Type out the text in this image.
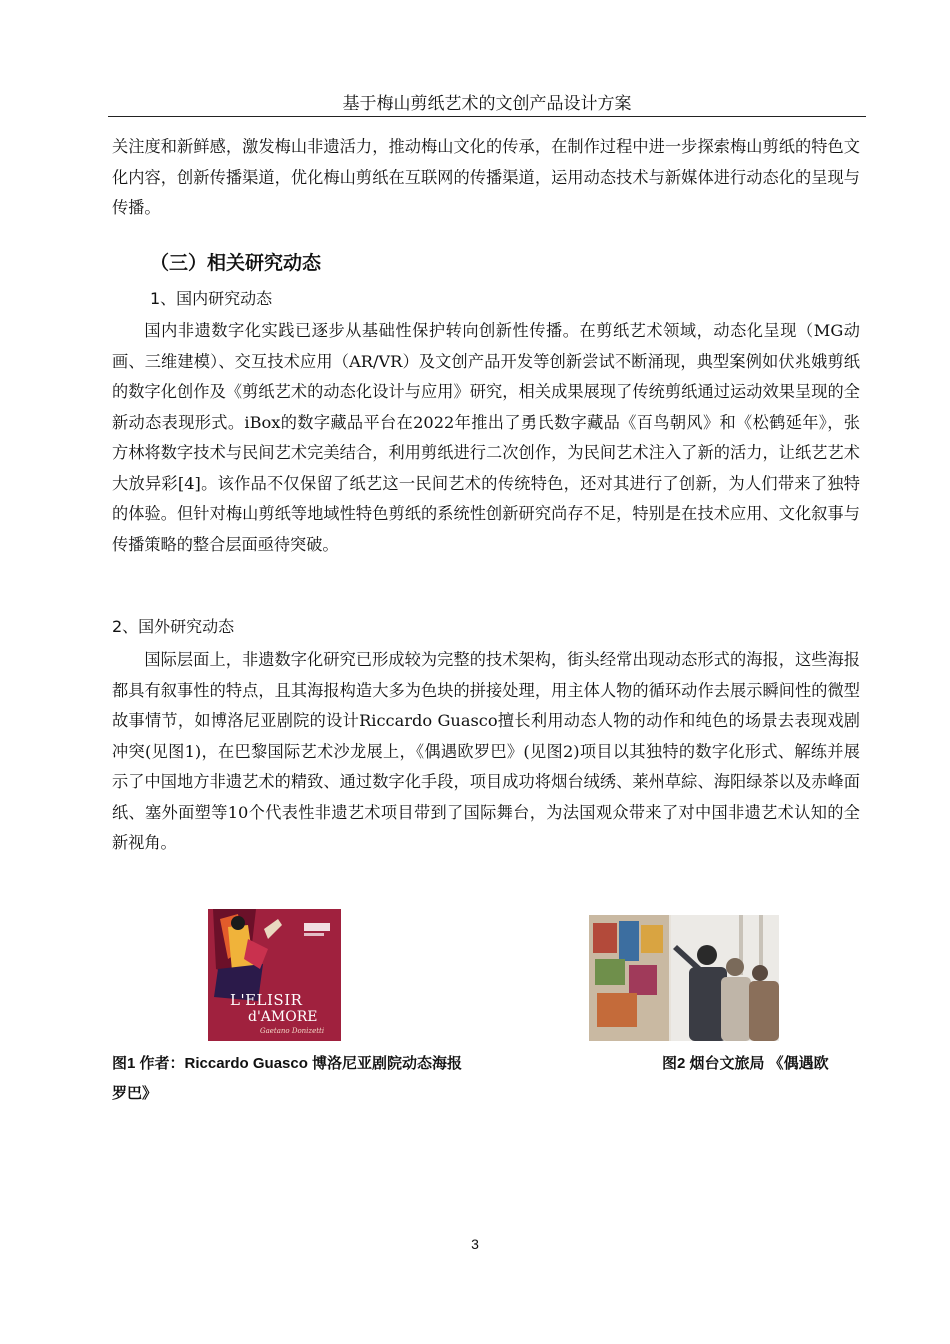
基于梅山剪纸艺术的文创产品设计方案

关注度和新鲜感，激发梅山非遗活力，推动梅山文化的传承，在制作过程中进一步探索梅山剪纸的特色文化内容，创新传播渠道，优化梅山剪纸在互联网的传播渠道，运用动态技术与新媒体进行动态化的呈现与传播。

（三）相关研究动态
1、国内研究动态

国内非遗数字化实践已逐步从基础性保护转向创新性传播。在剪纸艺术领域，动态化呈现（MG动画、三维建模）、交互技术应用（AR/VR）及文创产品开发等创新尝试不断涌现，典型案例如伏兆娥剪纸的数字化创作及《剪纸艺术的动态化设计与应用》研究，相关成果展现了传统剪纸通过运动效果呈现的全新动态表现形式。iBox的数字藏品平台在2022年推出了勇氏数字藏品《百鸟朝风》和《松鹤延年》，张方林将数字技术与民间艺术完美结合，利用剪纸进行二次创作，为民间艺术注入了新的活力，让纸艺艺术大放异彩[4]。该作品不仅保留了纸艺这一民间艺术的传统特色，还对其进行了创新，为人们带来了独特的体验。但针对梅山剪纸等地域性特色剪纸的系统性创新研究尚存不足，特别是在技术应用、文化叙事与传播策略的整合层面亟待突破。

2、国外研究动态

国际层面上，非遗数字化研究已形成较为完整的技术架构，街头经常出现动态形式的海报，这些海报都具有叙事性的特点，且其海报构造大多为色块的拼接处理，用主体人物的循环动作去展示瞬间性的微型故事情节，如博洛尼亚剧院的设计Riccardo Guasco擅长利用动态人物的动作和纯色的场景去表现戏剧冲突(见图1)，在巴黎国际艺术沙龙展上，《偶遇欧罗巴》(见图2)项目以其独特的数字化形式、解练并展示了中国地方非遗艺术的精致、通过数字化手段，项目成功将烟台绒绣、莱州草綜、海阳绿茶以及赤峰面纸、塞外面塑等10个代表性非遗艺术项目带到了国际舞台，为法国观众带来了对中国非遗艺术认知的全新视角。

L'ELISIR
d'AMORE
Gaetano Donizetti
图1 作者：Riccardo Guasco 博洛尼亚剧院动态海报	图2 烟台文旅局 《偶遇欧
罗巴》
3
